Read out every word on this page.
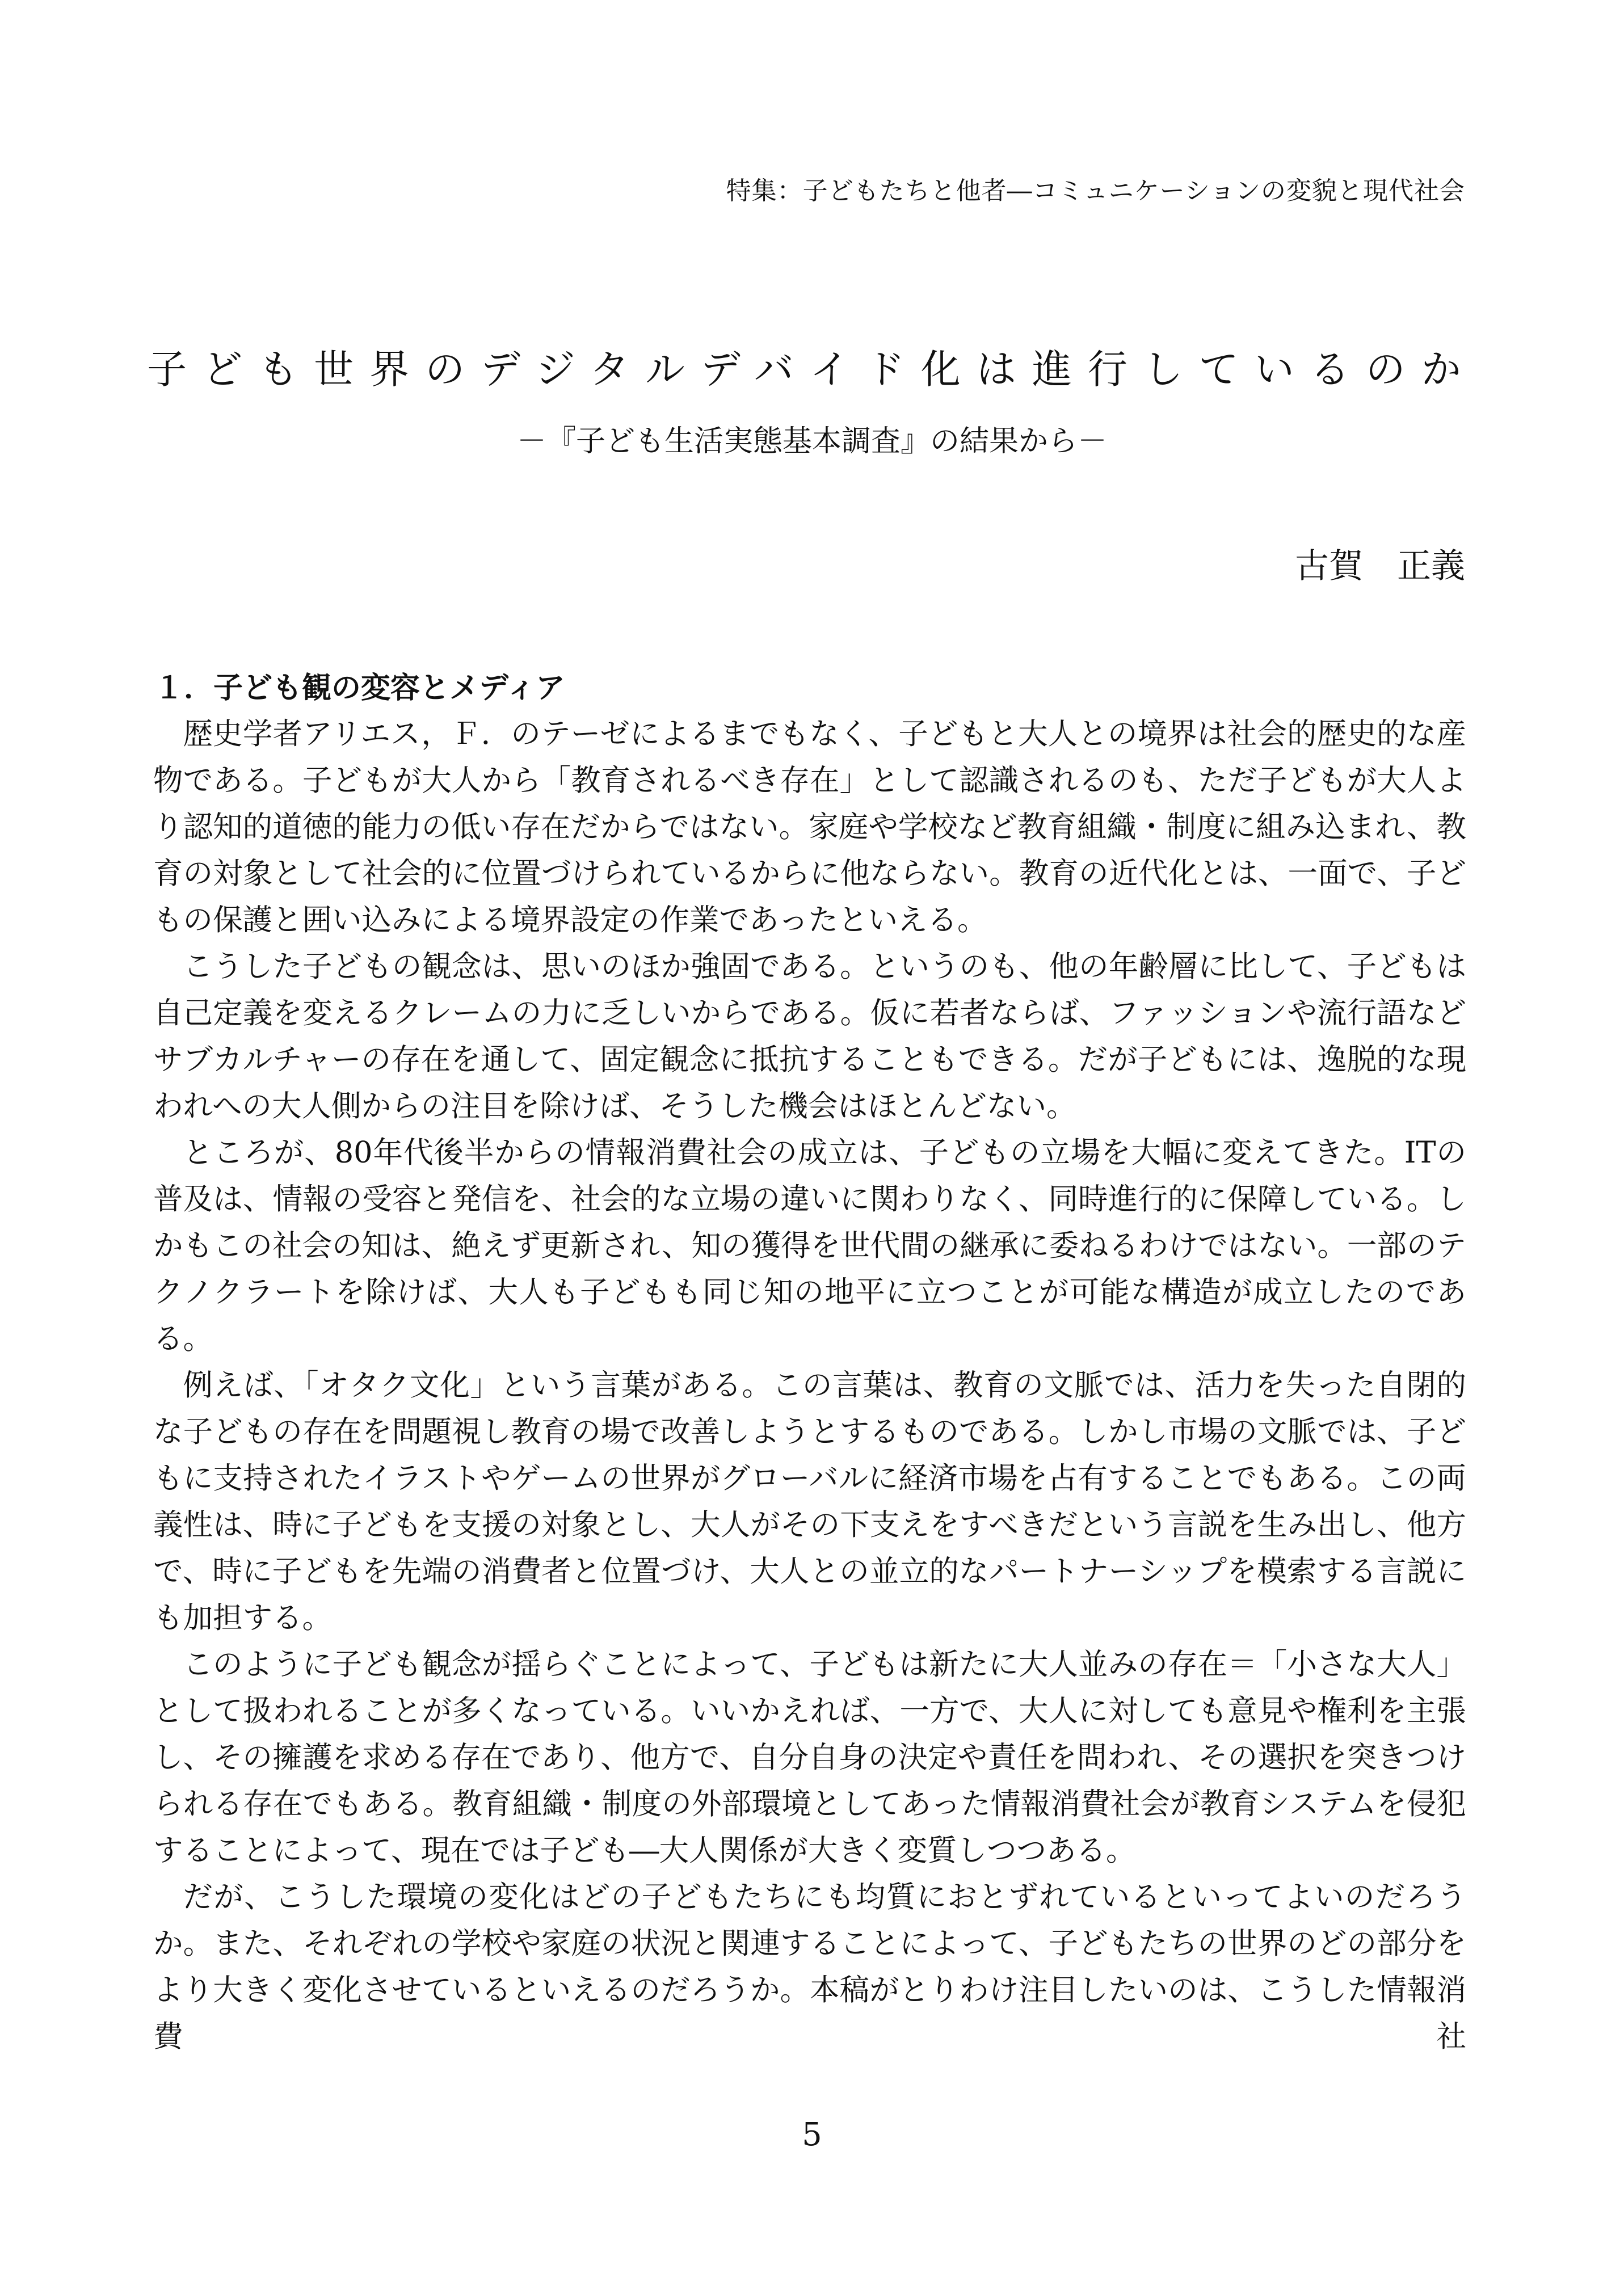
特集：子どもたちと他者―コミュニケーションの変貌と現代社会
子ども世界のデジタルデバイド化は進行しているのか
－『子ども生活実態基本調査』の結果から－
古賀 正義
１．子ども観の変容とメディア

歴史学者アリエス，Ｆ．のテーゼによるまでもなく、子どもと大人との境界は社会的歴史的な産物である。子どもが大人から「教育されるべき存在」として認識されるのも、ただ子どもが大人より認知的道徳的能力の低い存在だからではない。家庭や学校など教育組織・制度に組み込まれ、教育の対象として社会的に位置づけられているからに他ならない。教育の近代化とは、一面で、子どもの保護と囲い込みによる境界設定の作業であったといえる。

こうした子どもの観念は、思いのほか強固である。というのも、他の年齢層に比して、子どもは自己定義を変えるクレームの力に乏しいからである。仮に若者ならば、ファッションや流行語などサブカルチャーの存在を通して、固定観念に抵抗することもできる。だが子どもには、逸脱的な現われへの大人側からの注目を除けば、そうした機会はほとんどない。

ところが、80年代後半からの情報消費社会の成立は、子どもの立場を大幅に変えてきた。ITの普及は、情報の受容と発信を、社会的な立場の違いに関わりなく、同時進行的に保障している。しかもこの社会の知は、絶えず更新され、知の獲得を世代間の継承に委ねるわけではない。一部のテクノクラートを除けば、大人も子どもも同じ知の地平に立つことが可能な構造が成立したのである。

例えば、「オタク文化」という言葉がある。この言葉は、教育の文脈では、活力を失った自閉的な子どもの存在を問題視し教育の場で改善しようとするものである。しかし市場の文脈では、子どもに支持されたイラストやゲームの世界がグローバルに経済市場を占有することでもある。この両義性は、時に子どもを支援の対象とし、大人がその下支えをすべきだという言説を生み出し、他方で、時に子どもを先端の消費者と位置づけ、大人との並立的なパートナーシップを模索する言説にも加担する。

このように子ども観念が揺らぐことによって、子どもは新たに大人並みの存在＝「小さな大人」として扱われることが多くなっている。いいかえれば、一方で、大人に対しても意見や権利を主張し、その擁護を求める存在であり、他方で、自分自身の決定や責任を問われ、その選択を突きつけられる存在でもある。教育組織・制度の外部環境としてあった情報消費社会が教育システムを侵犯することによって、現在では子ども―大人関係が大きく変質しつつある。

だが、こうした環境の変化はどの子どもたちにも均質におとずれているといってよいのだろうか。また、それぞれの学校や家庭の状況と関連することによって、子どもたちの世界のどの部分をより大きく変化させているといえるのだろうか。本稿がとりわけ注目したいのは、こうした情報消費社

5
